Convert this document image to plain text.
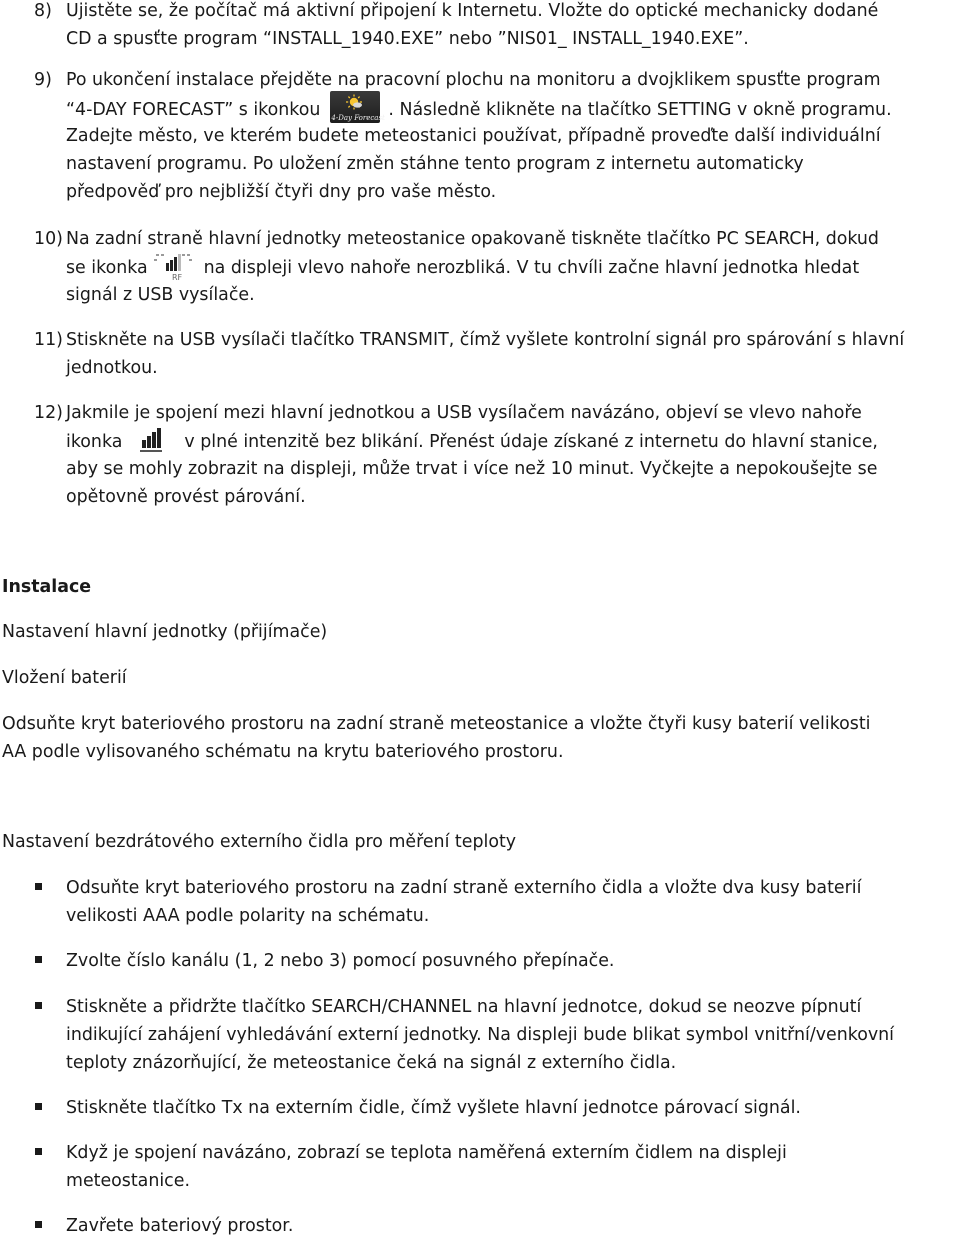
8) Ujistěte se, že počítač má aktivní připojení k Internetu. Vložte do optické mechanicky dodané
CD a spusťte program “INSTALL_1940.EXE” nebo ”NIS01_ INSTALL_1940.EXE”.
9) Po ukončení instalace přejděte na pracovní plochu na monitoru a dvojklikem spusťte program
“4-DAY FORECAST” s ikonkou 4-Day Forecast . Následně klikněte na tlačítko SETTING v okně programu.
Zadejte město, ve kterém budete meteostanici používat, případně proveďte další individuální
nastavení programu. Po uložení změn stáhne tento program z internetu automaticky
předpověď pro nejbližší čtyři dny pro vaše město.
10) Na zadní straně hlavní jednotky meteostanice opakovaně tiskněte tlačítko PC SEARCH, dokud
se ikonka	RF na displeji vlevo nahoře nerozbliká. V tu chvíli začne hlavní jednotka hledat
signál z USB vysílače.
11) Stiskněte na USB vysílači tlačítko TRANSMIT, čímž vyšlete kontrolní signál pro spárování s hlavní
jednotkou.
12) Jakmile je spojení mezi hlavní jednotkou a USB vysílačem navázáno, objeví se vlevo nahoře
ikonka	v plné intenzitě bez blikání. Přenést údaje získané z internetu do hlavní stanice,
aby se mohly zobrazit na displeji, může trvat i více než 10 minut. Vyčkejte a nepokoušejte se
opětovně provést párování.
Instalace
Nastavení hlavní jednotky (přijímače)
Vložení baterií
Odsuňte kryt bateriového prostoru na zadní straně meteostanice a vložte čtyři kusy baterií velikosti
AA podle vylisovaného schématu na krytu bateriového prostoru.
Nastavení bezdrátového externího čidla pro měření teploty
Odsuňte kryt bateriového prostoru na zadní straně externího čidla a vložte dva kusy baterií
velikosti AAA podle polarity na schématu.
Zvolte číslo kanálu (1, 2 nebo 3) pomocí posuvného přepínače.
Stiskněte a přidržte tlačítko SEARCH/CHANNEL na hlavní jednotce, dokud se neozve pípnutí
indikující zahájení vyhledávání externí jednotky. Na displeji bude blikat symbol vnitřní/venkovní
teploty znázorňující, že meteostanice čeká na signál z externího čidla.
Stiskněte tlačítko Tx na externím čidle, čímž vyšlete hlavní jednotce párovací signál.
Když je spojení navázáno, zobrazí se teplota naměřená externím čidlem na displeji
meteostanice.
Zavřete bateriový prostor.
